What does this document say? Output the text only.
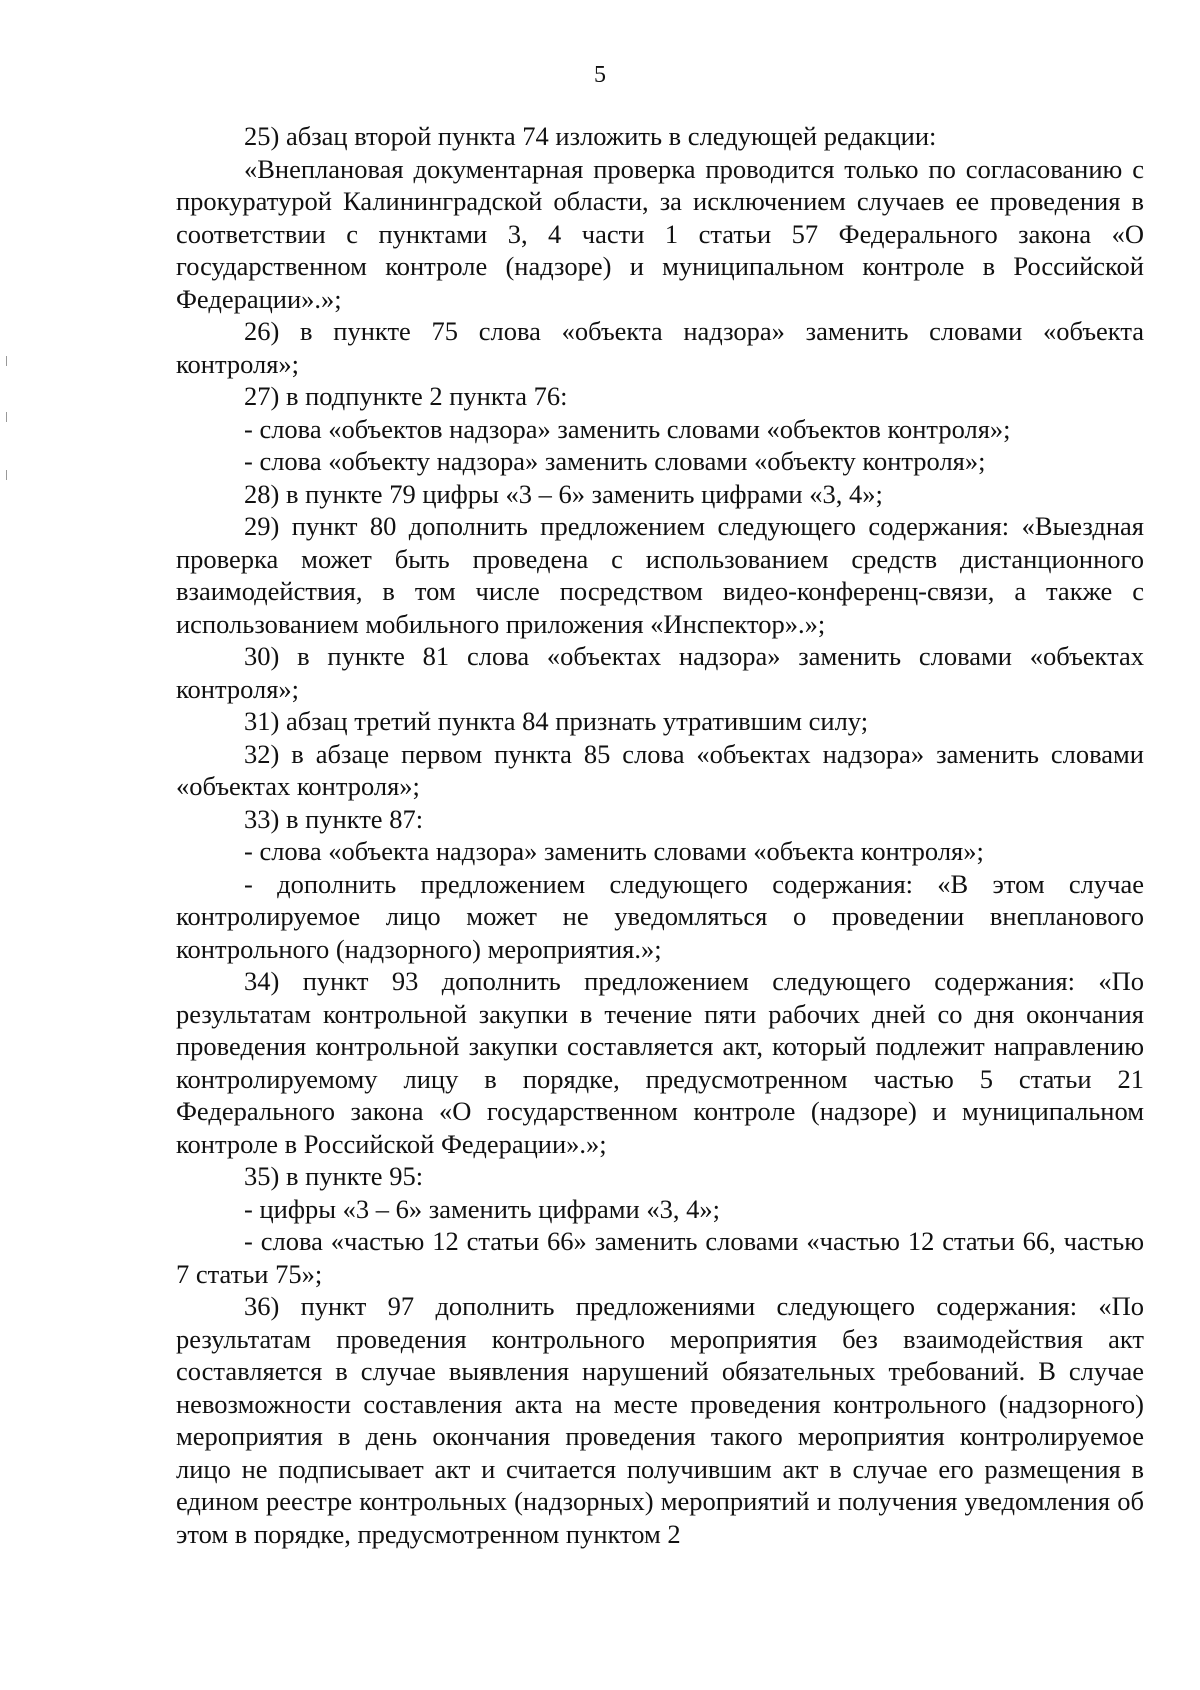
5

25) абзац второй пункта 74 изложить в следующей редакции:

«Внеплановая документарная проверка проводится только по согласованию с прокуратурой Калининградской области, за исключением случаев ее проведения в соответствии с пунктами 3, 4 части 1 статьи 57 Федерального закона «О государственном контроле (надзоре) и муниципальном контроле в Российской Федерации».»;

26) в пункте 75 слова «объекта надзора» заменить словами «объекта контроля»;

27) в подпункте 2 пункта 76:

- слова «объектов надзора» заменить словами «объектов контроля»;

- слова «объекту надзора» заменить словами «объекту контроля»;

28) в пункте 79 цифры «3 – 6» заменить цифрами «3, 4»;

29) пункт 80 дополнить предложением следующего содержания: «Выездная проверка может быть проведена с использованием средств дистанционного взаимодействия, в том числе посредством видео-конференц-связи, а также с использованием мобильного приложения «Инспектор».»;

30) в пункте 81 слова «объектах надзора» заменить словами «объектах контроля»;

31) абзац третий пункта 84 признать утратившим силу;

32) в абзаце первом пункта 85 слова «объектах надзора» заменить словами «объектах контроля»;

33) в пункте 87:

- слова «объекта надзора» заменить словами «объекта контроля»;

- дополнить предложением следующего содержания: «В этом случае контролируемое лицо может не уведомляться о проведении внепланового контрольного (надзорного) мероприятия.»;

34) пункт 93 дополнить предложением следующего содержания: «По результатам контрольной закупки в течение пяти рабочих дней со дня окончания проведения контрольной закупки составляется акт, который подлежит направлению контролируемому лицу в порядке, предусмотренном частью 5 статьи 21 Федерального закона «О государственном контроле (надзоре) и муниципальном контроле в Российской Федерации».»;

35) в пункте 95:

- цифры «3 – 6» заменить цифрами «3, 4»;

- слова «частью 12 статьи 66» заменить словами «частью 12 статьи 66, частью 7 статьи 75»;

36) пункт 97 дополнить предложениями следующего содержания: «По результатам проведения контрольного мероприятия без взаимодействия акт составляется в случае выявления нарушений обязательных требований. В случае невозможности составления акта на месте проведения контрольного (надзорного) мероприятия в день окончания проведения такого мероприятия контролируемое лицо не подписывает акт и считается получившим акт в случае его размещения в едином реестре контрольных (надзорных) мероприятий и получения уведомления об этом в порядке, предусмотренном пунктом 2
